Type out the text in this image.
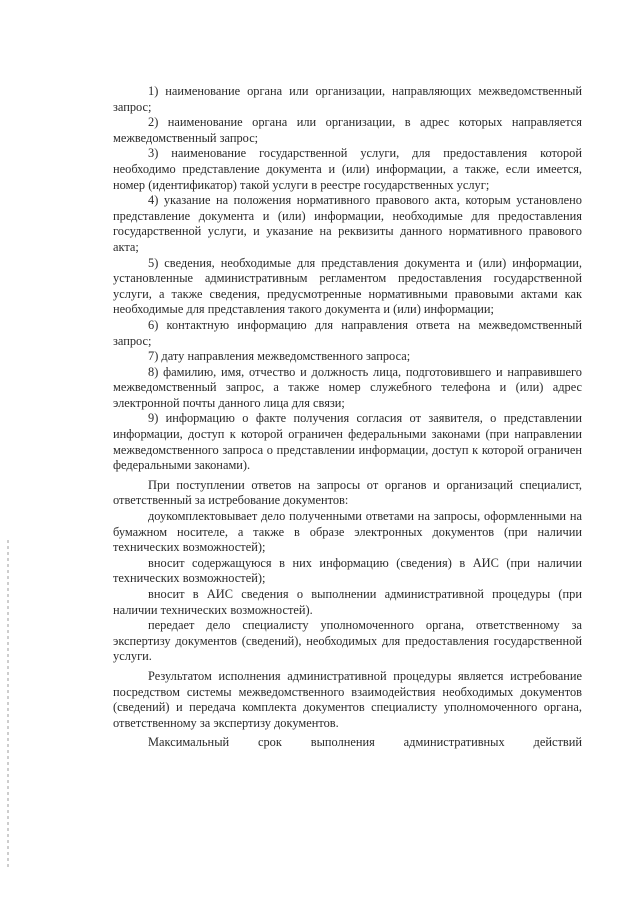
1) наименование органа или организации, направляющих межведомственный запрос;

2) наименование органа или организации, в адрес которых направляется межведомственный запрос;

3) наименование государственной услуги, для предоставления которой необходимо представление документа и (или) информации, а также, если имеется, номер (идентификатор) такой услуги в реестре государственных услуг;

4) указание на положения нормативного правового акта, которым установлено представление документа и (или) информации, необходимые для предоставления государственной услуги, и указание на реквизиты данного нормативного правового акта;

5) сведения, необходимые для представления документа и (или) информации, установленные административным регламентом предоставления государственной услуги, а также сведения, предусмотренные нормативными правовыми актами как необходимые для представления такого документа и (или) информации;

6) контактную информацию для направления ответа на межведомственный запрос;

7) дату направления межведомственного запроса;

8) фамилию, имя, отчество и должность лица, подготовившего и направившего межведомственный запрос, а также номер служебного телефона и (или) адрес электронной почты данного лица для связи;

9) информацию о факте получения согласия от заявителя, о представлении информации, доступ к которой ограничен федеральными законами (при направлении межведомственного запроса о представлении информации, доступ к которой ограничен федеральными законами).

При поступлении ответов на запросы от органов и организаций специалист, ответственный за истребование документов:

доукомплектовывает дело полученными ответами на запросы, оформленными на бумажном носителе, а также в образе электронных документов (при наличии технических возможностей);

вносит содержащуюся в них информацию (сведения) в АИС (при наличии технических возможностей);

вносит в АИС сведения о выполнении административной процедуры (при наличии технических возможностей).

передает дело специалисту уполномоченного органа, ответственному за экспертизу документов (сведений), необходимых для предоставления государственной услуги.

Результатом исполнения административной процедуры является истребование посредством системы межведомственного взаимодействия необходимых документов (сведений) и передача комплекта документов специалисту уполномоченного органа, ответственному за экспертизу документов.

Максимальный срок выполнения административных действий
